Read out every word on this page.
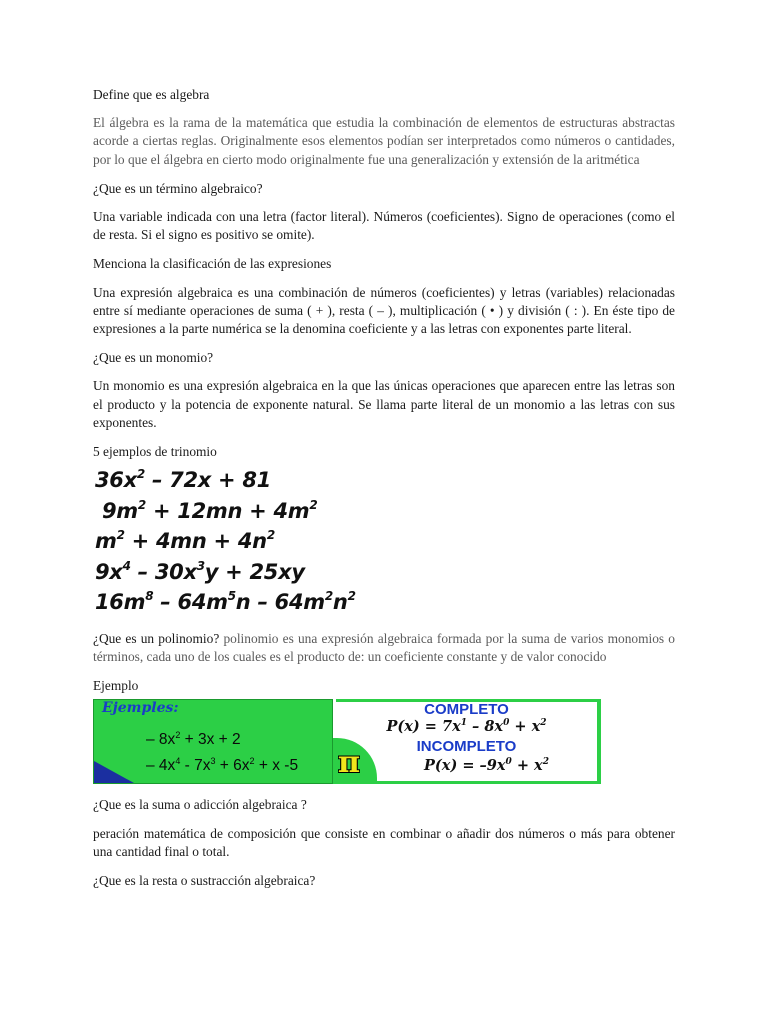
Define que es algebra

El álgebra es la rama de la matemática que estudia la combinación de elementos de estructuras abstractas acorde a ciertas reglas. Originalmente esos elementos podían ser interpretados como números o cantidades, por lo que el álgebra en cierto modo originalmente fue una generalización y extensión de la aritmética

¿Que es un término algebraico?

Una variable indicada con una letra (factor literal). Números (coeficientes). Signo de operaciones (como el de resta. Si el signo es positivo se omite).

Menciona la clasificación de las expresiones

Una expresión algebraica es una combinación de números (coeficientes) y letras (variables) relacionadas entre sí mediante operaciones de suma ( + ), resta ( – ), multiplicación ( • ) y división ( : ). En éste tipo de expresiones a la parte numérica se la denomina coeficiente y a las letras con exponentes parte literal.

¿Que es un monomio?

Un monomio es una expresión algebraica en la que las únicas operaciones que aparecen entre las letras son el producto y la potencia de exponente natural. Se llama parte literal de un monomio a las letras con sus exponentes.

5 ejemplos de trinomio

$36x^2 - 72x + 81$
$9m^2 + 12mn + 4m^2$
$m^2 + 4mn + 4n^2$
$9x^4 - 30x^3y + 25xy$
$16m^8 - 64m^5n - 64m^2n^2$

¿Que es un polinomio? polinomio es una expresión algebraica formada por la suma de varios monomios o términos, cada uno de los cuales es el producto de: un coeficiente constante y de valor conocido

Ejemplo

Ejemples:
– $8x^2 + 3x + 2$
– $4x^4 - 7x^3 + 6x^2 + x$ -5
COMPLETO
$P(x) = 7x^1 - 8x^0 + x^2$
INCOMPLETO
$P(x) = -9x^0 + x^2$
π

¿Que es la suma o adicción algebraica ?

peración matemática de composición que consiste en combinar o añadir dos números o más para obtener una cantidad final o total.

¿Que es la resta o sustracción algebraica?
